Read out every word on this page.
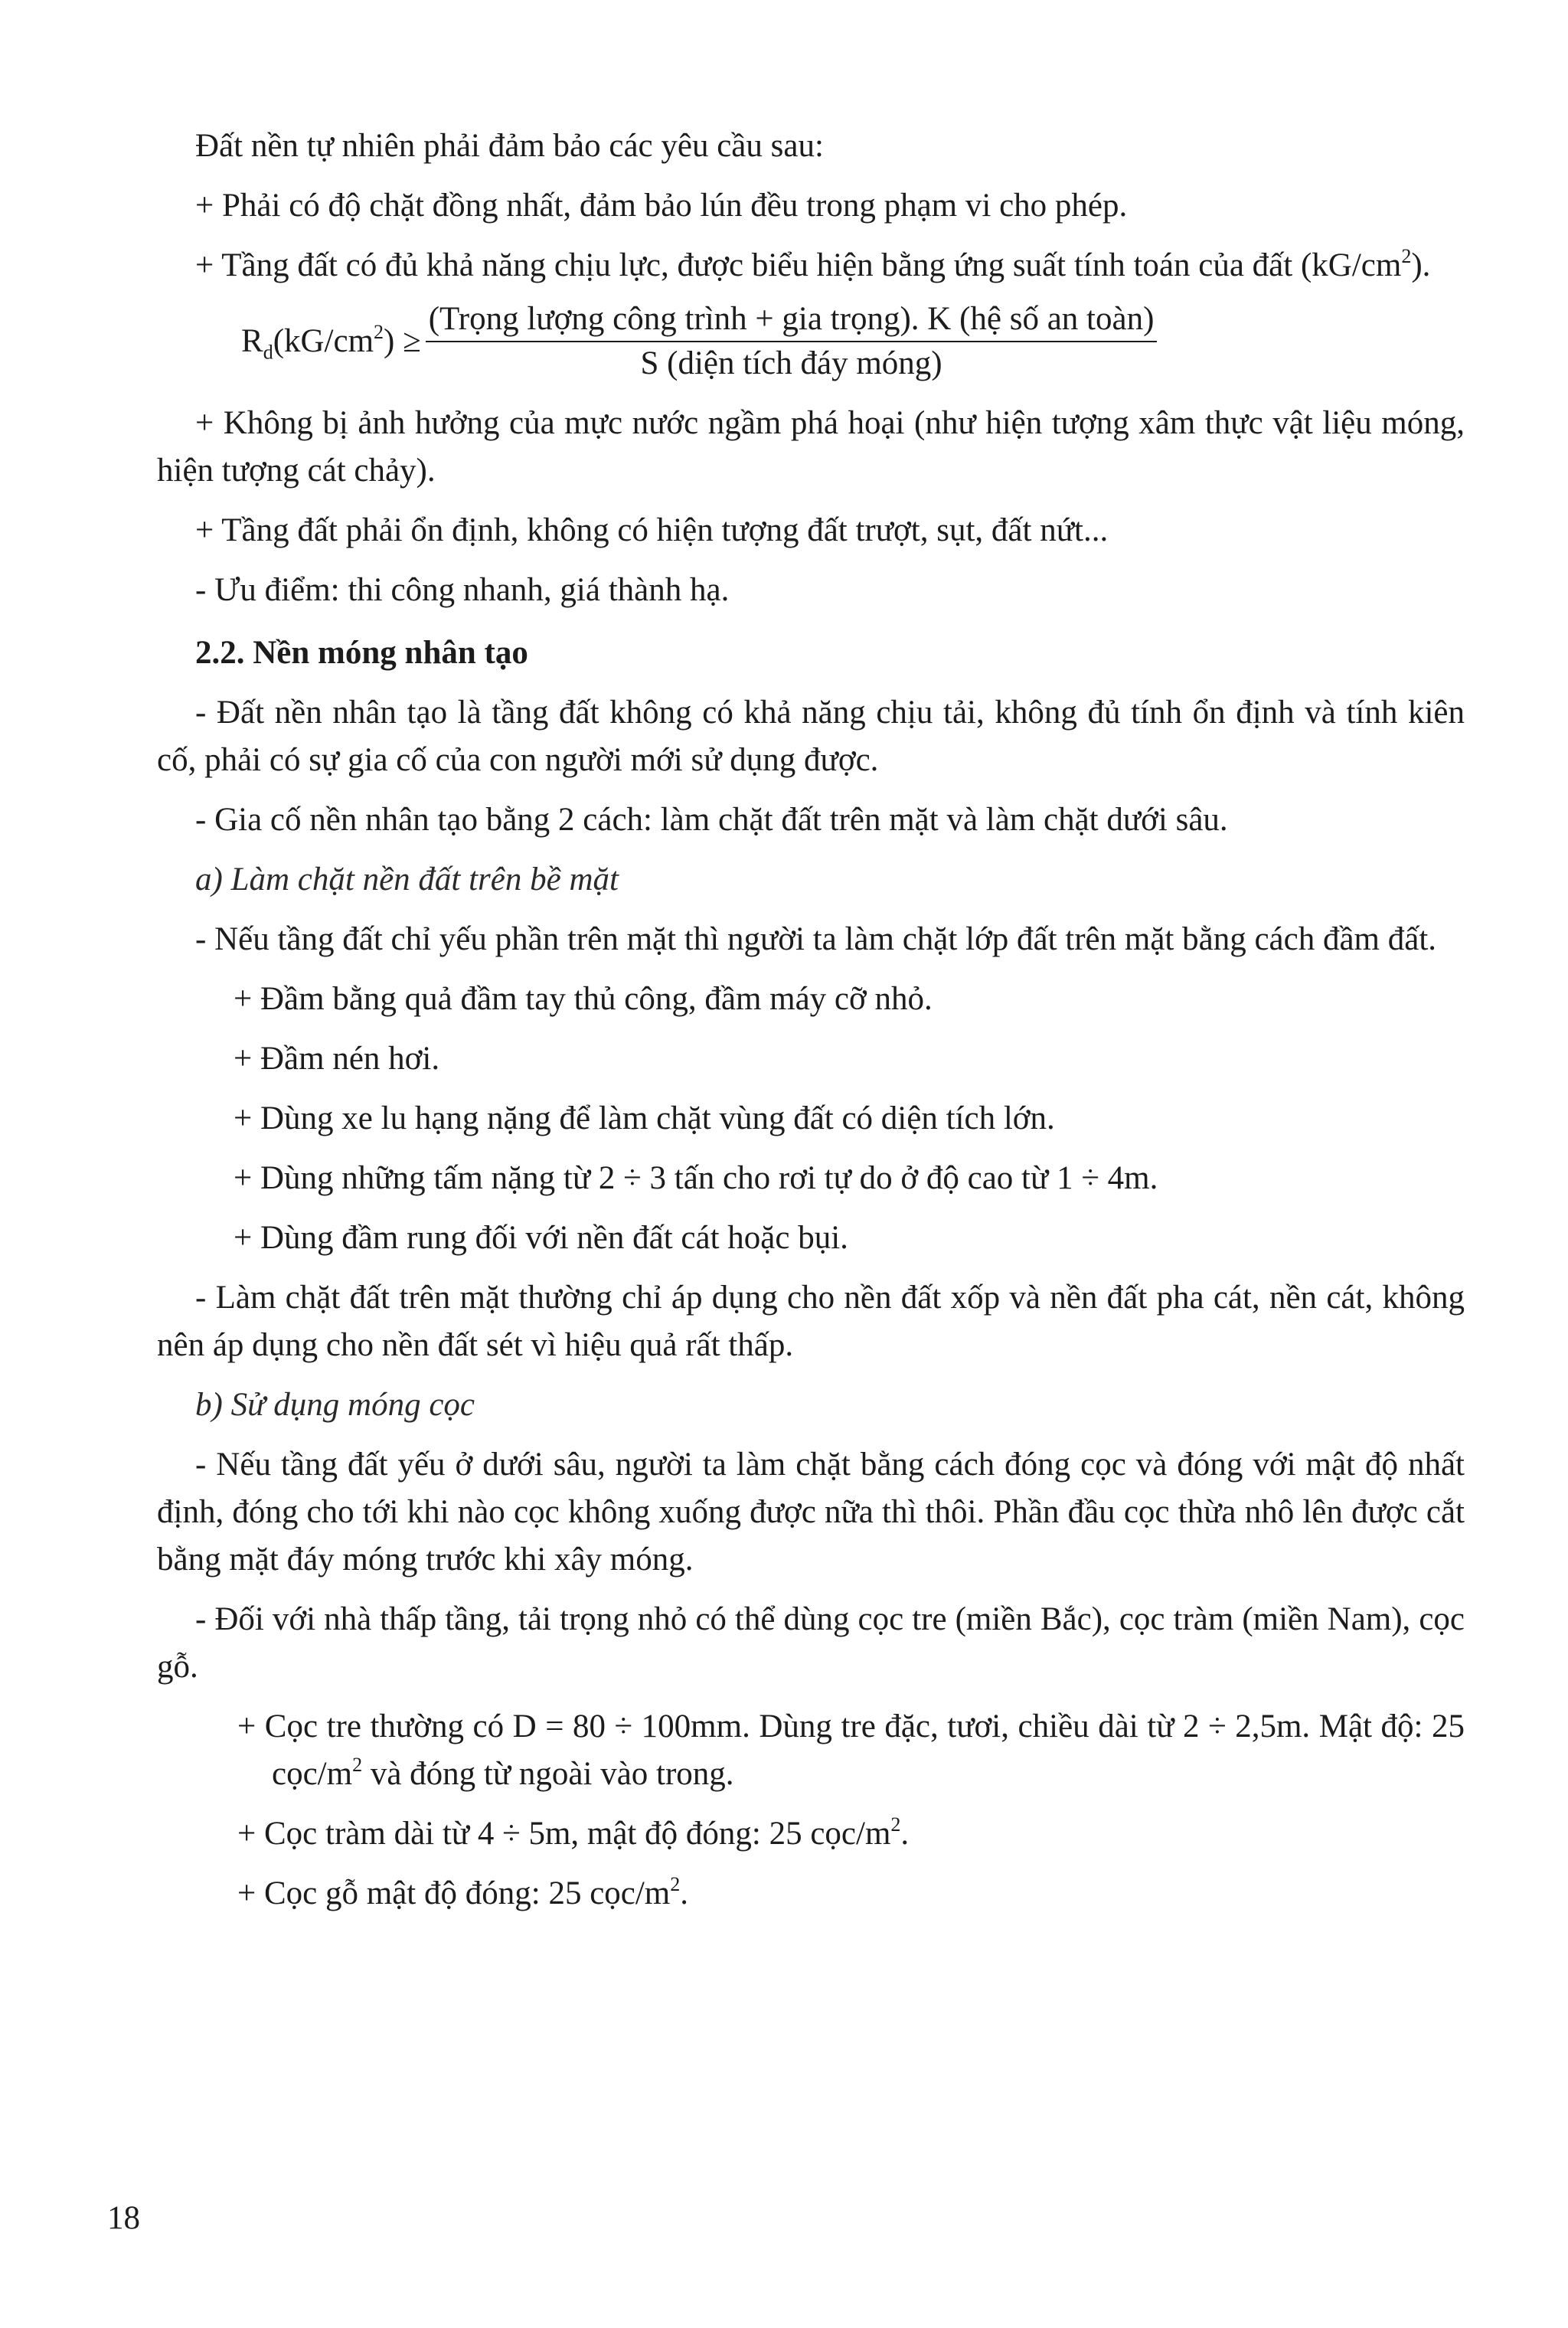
Đất nền tự nhiên phải đảm bảo các yêu cầu sau:

+ Phải có độ chặt đồng nhất, đảm bảo lún đều trong phạm vi cho phép.

+ Tầng đất có đủ khả năng chịu lực, được biểu hiện bằng ứng suất tính toán của đất $(kG/cm^2)$.

$R_d(kG/cm^2) \ge \frac{\text{(Trọng lượng công trình + gia trọng). K (hệ số an toàn)}}{\text{S (diện tích đáy móng)}}$

+ Không bị ảnh hưởng của mực nước ngầm phá hoại (như hiện tượng xâm thực vật liệu móng, hiện tượng cát chảy).

+ Tầng đất phải ổn định, không có hiện tượng đất trượt, sụt, đất nứt...

- Ưu điểm: thi công nhanh, giá thành hạ.

2.2. Nền móng nhân tạo

- Đất nền nhân tạo là tầng đất không có khả năng chịu tải, không đủ tính ổn định và tính kiên cố, phải có sự gia cố của con người mới sử dụng được.

- Gia cố nền nhân tạo bằng 2 cách: làm chặt đất trên mặt và làm chặt dưới sâu.

a) Làm chặt nền đất trên bề mặt

- Nếu tầng đất chỉ yếu phần trên mặt thì người ta làm chặt lớp đất trên mặt bằng cách đầm đất.

+ Đầm bằng quả đầm tay thủ công, đầm máy cỡ nhỏ.

+ Đầm nén hơi.

+ Dùng xe lu hạng nặng để làm chặt vùng đất có diện tích lớn.

+ Dùng những tấm nặng từ 2 ÷ 3 tấn cho rơi tự do ở độ cao từ 1 ÷ 4m.

+ Dùng đầm rung đối với nền đất cát hoặc bụi.

- Làm chặt đất trên mặt thường chỉ áp dụng cho nền đất xốp và nền đất pha cát, nền cát, không nên áp dụng cho nền đất sét vì hiệu quả rất thấp.

b) Sử dụng móng cọc

- Nếu tầng đất yếu ở dưới sâu, người ta làm chặt bằng cách đóng cọc và đóng với mật độ nhất định, đóng cho tới khi nào cọc không xuống được nữa thì thôi. Phần đầu cọc thừa nhô lên được cắt bằng mặt đáy móng trước khi xây móng.

- Đối với nhà thấp tầng, tải trọng nhỏ có thể dùng cọc tre (miền Bắc), cọc tràm (miền Nam), cọc gỗ.

+ Cọc tre thường có D = 80 ÷ 100mm. Dùng tre đặc, tươi, chiều dài từ 2 ÷ 2,5m. Mật độ: 25 cọc/$m^2$ và đóng từ ngoài vào trong.

+ Cọc tràm dài từ 4 ÷ 5m, mật độ đóng: 25 cọc/$m^2$.

+ Cọc gỗ mật độ đóng: 25 cọc/$m^2$.

18
